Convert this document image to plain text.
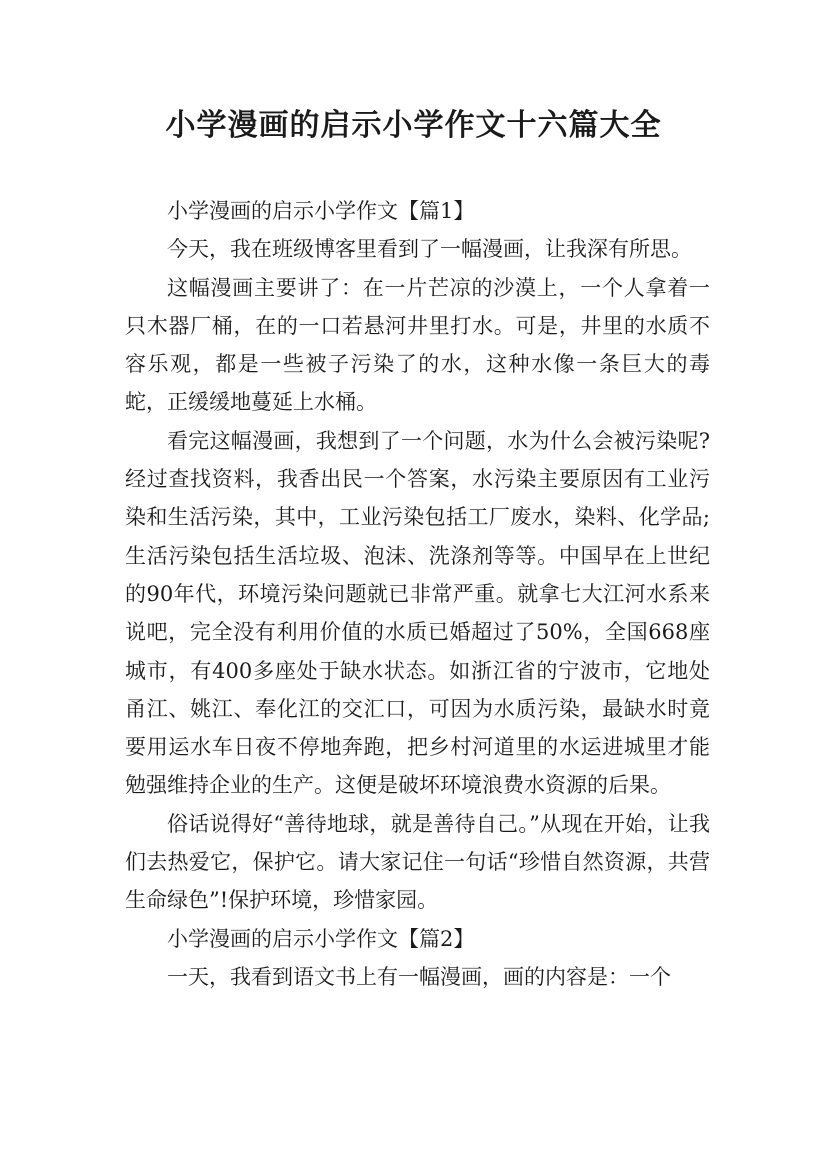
小学漫画的启示小学作文十六篇大全

小学漫画的启示小学作文【篇1】

今天，我在班级博客里看到了一幅漫画，让我深有所思。

这幅漫画主要讲了：在一片芒凉的沙漠上，一个人拿着一只木器厂桶，在的一口若悬河井里打水。可是，井里的水质不容乐观，都是一些被子污染了的水，这种水像一条巨大的毒蛇，正缓缓地蔓延上水桶。

看完这幅漫画，我想到了一个问题，水为什么会被污染呢?经过查找资料，我香出民一个答案，水污染主要原因有工业污染和生活污染，其中，工业污染包括工厂废水，染料、化学品;生活污染包括生活垃圾、泡沫、洗涤剂等等。中国早在上世纪的90年代，环境污染问题就已非常严重。就拿七大江河水系来说吧，完全没有利用价值的水质已婚超过了50%，全国668座城市，有400多座处于缺水状态。如浙江省的宁波市，它地处甬江、姚江、奉化江的交汇口，可因为水质污染，最缺水时竟要用运水车日夜不停地奔跑，把乡村河道里的水运进城里才能勉强维持企业的生产。这便是破坏环境浪费水资源的后果。

俗话说得好“善待地球，就是善待自己。”从现在开始，让我们去热爱它，保护它。请大家记住一句话“珍惜自然资源，共营生命绿色”!保护环境，珍惜家园。

小学漫画的启示小学作文【篇2】

一天，我看到语文书上有一幅漫画，画的内容是：一个
